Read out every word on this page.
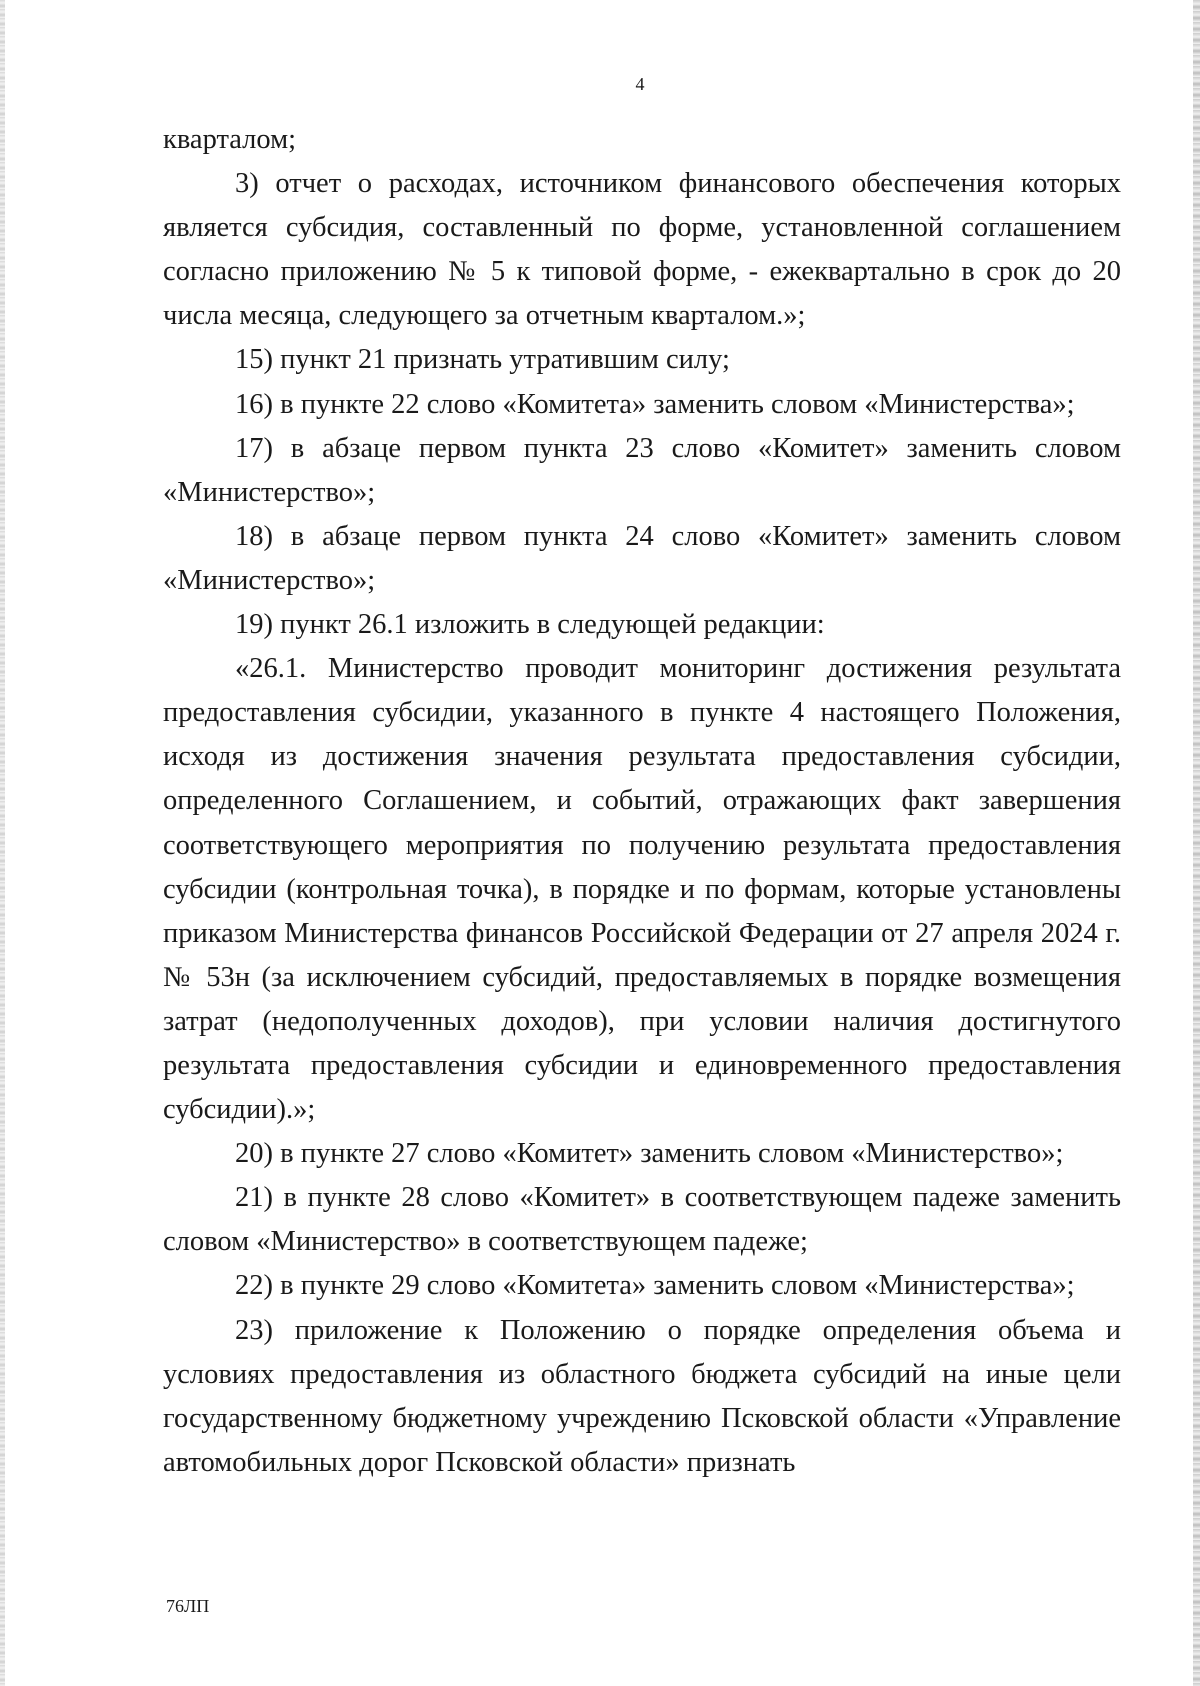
4

кварталом;

3) отчет о расходах, источником финансового обеспечения которых является субсидия, составленный по форме, установленной соглашением согласно приложению № 5 к типовой форме, - ежеквартально в срок до 20 числа месяца, следующего за отчетным кварталом.»;

15) пункт 21 признать утратившим силу;

16) в пункте 22 слово «Комитета» заменить словом «Министерства»;

17) в абзаце первом пункта 23 слово «Комитет» заменить словом «Министерство»;

18) в абзаце первом пункта 24 слово «Комитет» заменить словом «Министерство»;

19) пункт 26.1 изложить в следующей редакции:

«26.1. Министерство проводит мониторинг достижения результата предоставления субсидии, указанного в пункте 4 настоящего Положения, исходя из достижения значения результата предоставления субсидии, определенного Соглашением, и событий, отражающих факт завершения соответствующего мероприятия по получению результата предоставления субсидии (контрольная точка), в порядке и по формам, которые установлены приказом Министерства финансов Российской Федерации от 27 апреля 2024 г. № 53н (за исключением субсидий, предоставляемых в порядке возмещения затрат (недополученных доходов), при условии наличия достигнутого результата предоставления субсидии и единовременного предоставления субсидии).»;

20) в пункте 27 слово «Комитет» заменить словом «Министерство»;

21) в пункте 28 слово «Комитет» в соответствующем падеже заменить словом «Министерство» в соответствующем падеже;

22) в пункте 29 слово «Комитета» заменить словом «Министерства»;

23) приложение к Положению о порядке определения объема и условиях предоставления из областного бюджета субсидий на иные цели государственному бюджетному учреждению Псковской области «Управление автомобильных дорог Псковской области» признать

76ЛП
